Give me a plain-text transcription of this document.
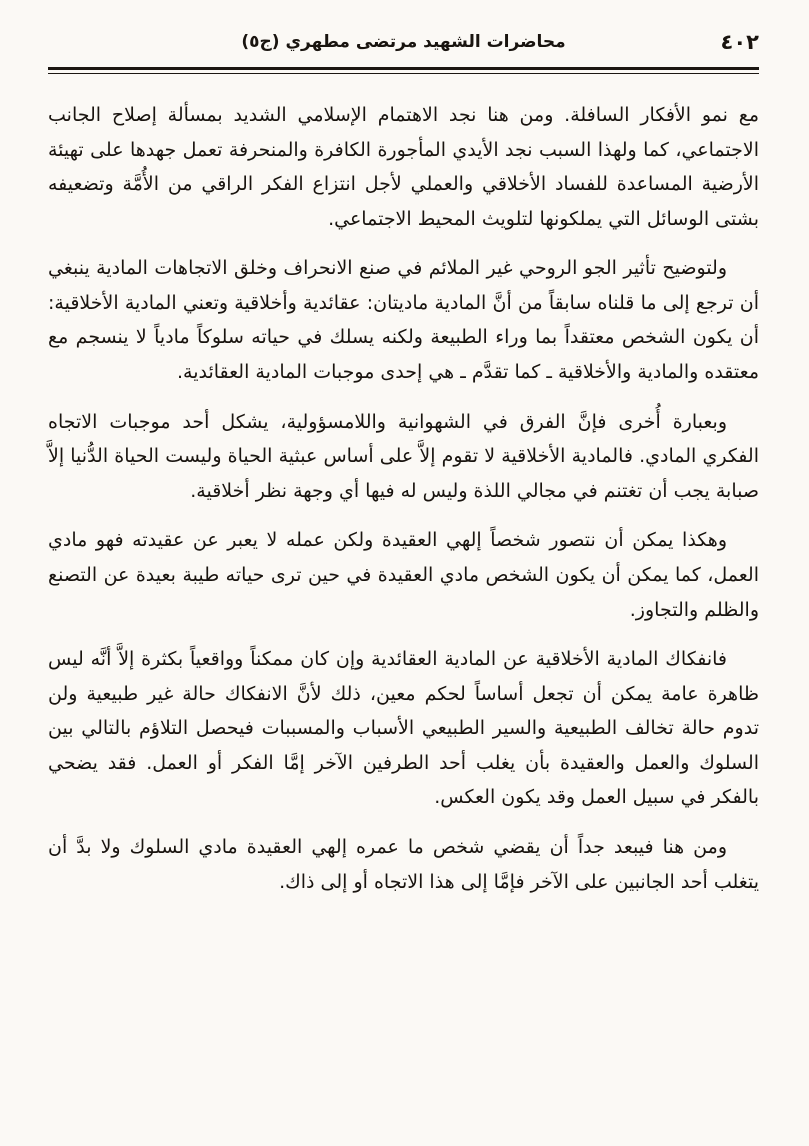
٤٠٢
محاضرات الشهيد مرتضى مطهري (ج٥)

مع نمو الأفكار السافلة. ومن هنا نجد الاهتمام الإسلامي الشديد بمسألة إصلاح الجانب الاجتماعي، كما ولهذا السبب نجد الأيدي المأجورة الكافرة والمنحرفة تعمل جهدها على تهيئة الأرضية المساعدة للفساد الأخلاقي والعملي لأجل انتزاع الفكر الراقي من الأُمَّة وتضعيفه بشتى الوسائل التي يملكونها لتلويث المحيط الاجتماعي.

ولتوضيح تأثير الجو الروحي غير الملائم في صنع الانحراف وخلق الاتجاهات المادية ينبغي أن ترجع إلى ما قلناه سابقاً من أنَّ المادية ماديتان: عقائدية وأخلاقية وتعني المادية الأخلاقية: أن يكون الشخص معتقداً بما وراء الطبيعة ولكنه يسلك في حياته سلوكاً مادياً لا ينسجم مع معتقده والمادية والأخلاقية ـ كما تقدَّم ـ هي إحدى موجبات المادية العقائدية.

وبعبارة أُخرى فإنَّ الفرق في الشهوانية واللامسؤولية، يشكل أحد موجبات الاتجاه الفكري المادي. فالمادية الأخلاقية لا تقوم إلاَّ على أساس عبثية الحياة وليست الحياة الدُّنيا إلاَّ صبابة يجب أن تغتنم في مجالي اللذة وليس له فيها أي وجهة نظر أخلاقية.

وهكذا يمكن أن نتصور شخصاً إلهي العقيدة ولكن عمله لا يعبر عن عقيدته فهو مادي العمل، كما يمكن أن يكون الشخص مادي العقيدة في حين ترى حياته طيبة بعيدة عن التصنع والظلم والتجاوز.

فانفكاك المادية الأخلاقية عن المادية العقائدية وإن كان ممكناً وواقعياً بكثرة إلاَّ أنَّه ليس ظاهرة عامة يمكن أن تجعل أساساً لحكم معين، ذلك لأنَّ الانفكاك حالة غير طبيعية ولن تدوم حالة تخالف الطبيعية والسير الطبيعي الأسباب والمسببات فيحصل التلاؤم بالتالي بين السلوك والعمل والعقيدة بأن يغلب أحد الطرفين الآخر إمَّا الفكر أو العمل. فقد يضحي بالفكر في سبيل العمل وقد يكون العكس.

ومن هنا فيبعد جداً أن يقضي شخص ما عمره إلهي العقيدة مادي السلوك ولا بدَّ أن يتغلب أحد الجانبين على الآخر فإمَّا إلى هذا الاتجاه أو إلى ذاك.
